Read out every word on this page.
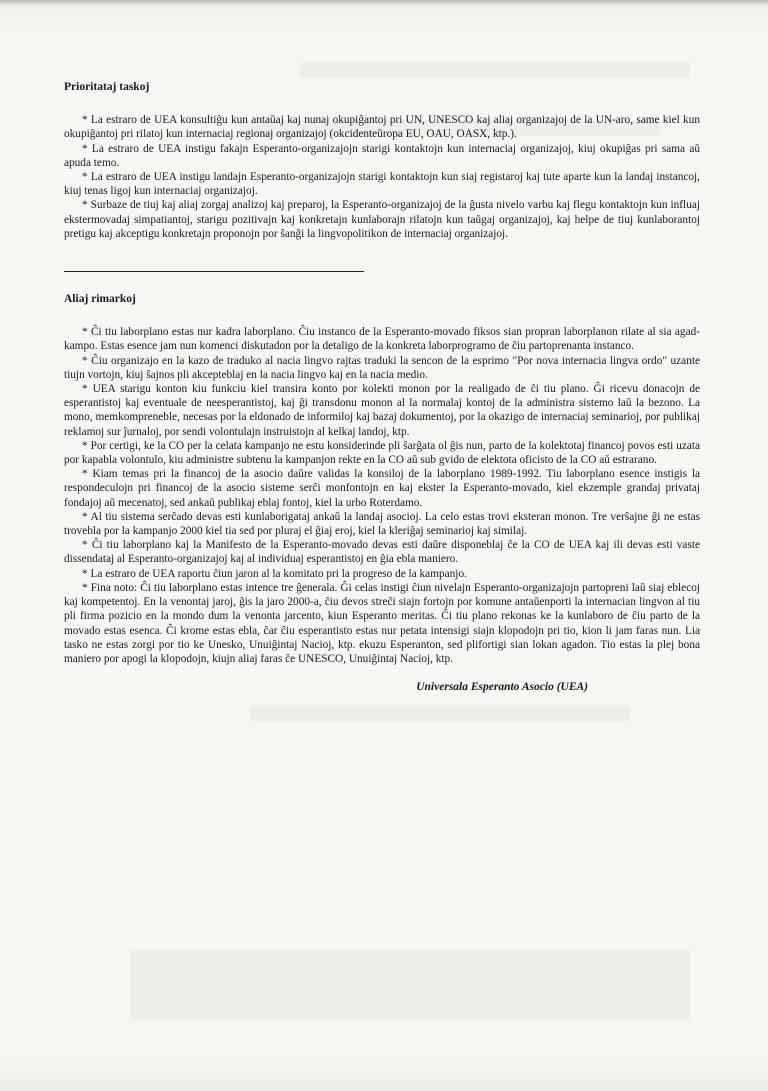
Prioritataj taskoj

* La estraro de UEA konsultiĝu kun antaŭaj kaj nunaj okupiĝantoj pri UN, UNESCO kaj aliaj organizajoj de la UN-aro, same kiel kun okupiĝantoj pri rilatoj kun internaciaj regionaj organizajoj (okcidenteŭropa EU, OAU, OASX, ktp.).

* La estraro de UEA instigu fakajn Esperanto-organizajojn starigi kontaktojn kun internaciaj organizajoj, kiuj okupiĝas pri sama aŭ apuda temo.

* La estraro de UEA instigu landajn Esperanto-organizajojn starigi kontaktojn kun siaj registaroj kaj tute aparte kun la landaj instancoj, kiuj tenas ligoj kun internaciaj organizajoj.

* Surbaze de tiuj kaj aliaj zorgaj analizoj kaj preparoj, la Esperanto-organizajoj de la ĝusta nivelo varbu kaj flegu kontaktojn kun influaj ekstermovadaj simpatiantoj, starigu pozitivajn kaj konkretajn kunlaborajn rilatojn kun taŭgaj organizajoj, kaj helpe de tiuj kunlaborantoj pretigu kaj akceptigu konkretajn proponojn por ŝanĝi la lingvopolitikon de internaciaj organizajoj.

Aliaj rimarkoj

* Ĉi tiu laborplano estas nur kadra laborplano. Ĉiu instanco de la Esperanto-movado fiksos sian propran laborplanon rilate al sia agad-kampo. Estas esence jam nun komenci diskutadon por la detaligo de la konkreta laborprogramo de ĉiu partoprenanta instanco.

* Ĉiu organizajo en la kazo de traduko al nacia lingvo rajtas traduki la sencon de la esprimo "Por nova internacia lingva ordo" uzante tiujn vortojn, kiuj ŝajnos pli akcepteblaj en la nacia lingvo kaj en la nacia medio.

* UEA starigu konton kiu funkciu kiel transira konto por kolekti monon por la realigado de ĉi tiu plano. Ĝi ricevu donacojn de esperantistoj kaj eventuale de neesperantistoj, kaj ĝi transdonu monon al la normalaj kontoj de la administra sistemo laŭ la bezono. La mono, memkompreneble, necesas por la eldonado de informiloj kaj bazaj dokumentoj, por la okazigo de internaciaj seminarioj, por publikaj reklamoj sur ĵurnaloj, por sendi volontulajn instruistojn al kelkaj landoj, ktp.

* Por certigi, ke la CO per la celata kampanjo ne estu konsiderinde pli ŝarĝata ol ĝis nun, parto de la kolektotaj financoj povos esti uzata por kapabla volontulo, kiu administre subtenu la kampanjon rekte en la CO aŭ sub gvido de elektota oficisto de la CO aŭ estrarano.

* Kiam temas pri la financoj de la asocio daŭre validas la konsiloj de la laborplano 1989-1992. Tiu laborplano esence instigis la respondeculojn pri financoj de la asocio sisteme serĉi monfontojn en kaj ekster la Esperanto-movado, kiel ekzemple grandaj privataj fondajoj aŭ mecenatoj, sed ankaŭ publikaj eblaj fontoj, kiel la urbo Roterdamo.

* Al tiu sistema serĉado devas esti kunlaborigataj ankaŭ la landaj asocioj. La celo estas trovi eksteran monon. Tre verŝajne ĝi ne estas trovebla por la kampanjo 2000 kiel tia sed por pluraj el ĝiaj eroj, kiel la kleriĝaj seminarioj kaj similaj.

* Ĉi tiu laborplano kaj la Manifesto de la Esperanto-movado devas esti daŭre disponeblaj ĉe la CO de UEA kaj ili devas esti vaste dissendataj al Esperanto-organizajoj kaj al individuaj esperantistoj en ĝia ebla maniero.

* La estraro de UEA raportu ĉiun jaron al la komitato pri la progreso de la kampanjo.

* Fina noto: Ĉi tiu laborplano estas intence tre ĝenerala. Ĝi celas instigi ĉiun nivelajn Esperanto-organizajojn partopreni laŭ siaj eblecoj kaj kompetentoj. En la venontaj jaroj, ĝis la jaro 2000-a, ĉiu devos streĉi siajn fortojn por komune antaŭenporti la internacian lingvon al tiu pli firma pozicio en la mondo dum la venonta jarcento, kiun Esperanto meritas. Ĉi tiu plano rekonas ke la kunlaboro de ĉiu parto de la movado estas esenca. Ĉi krome estas ebla, ĉar ĉiu esperantisto estas nur petata intensigi siajn klopodojn pri tio, kion li jam faras nun. Lia tasko ne estas zorgi por tio ke Unesko, Unuiĝintaj Nacioj, ktp. ekuzu Esperanton, sed plifortigi sian lokan agadon. Tio estas la plej bona maniero por apogi la klopodojn, kiujn aliaj faras ĉe UNESCO, Unuiĝintaj Nacioj, ktp.

Universala Esperanto Asocio (UEA)
